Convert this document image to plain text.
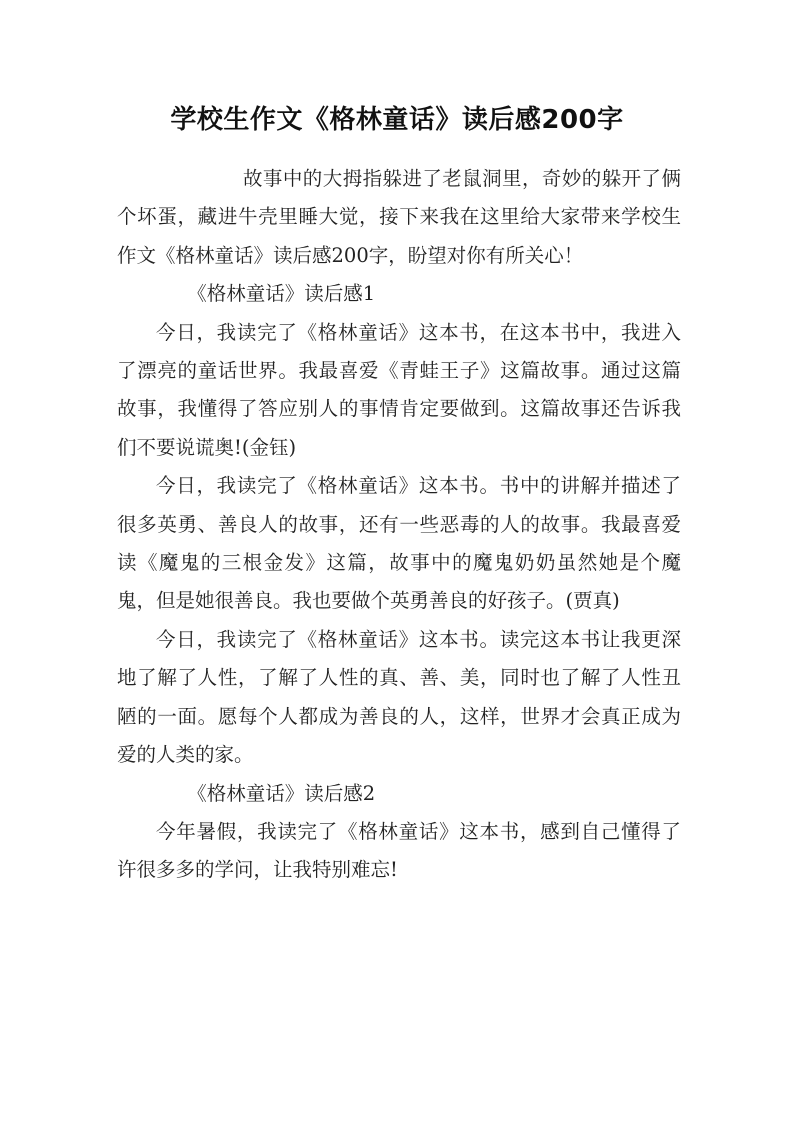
学校生作文《格林童话》读后感200字

故事中的大拇指躲进了老鼠洞里，奇妙的躲开了俩个坏蛋，藏进牛壳里睡大觉，接下来我在这里给大家带来学校生作文《格林童话》读后感200字，盼望对你有所关心！

《格林童话》读后感1

今日，我读完了《格林童话》这本书，在这本书中，我进入了漂亮的童话世界。我最喜爱《青蛙王子》这篇故事。通过这篇故事，我懂得了答应别人的事情肯定要做到。这篇故事还告诉我们不要说谎奥!(金钰)

今日，我读完了《格林童话》这本书。书中的讲解并描述了很多英勇、善良人的故事，还有一些恶毒的人的故事。我最喜爱读《魔鬼的三根金发》这篇，故事中的魔鬼奶奶虽然她是个魔鬼，但是她很善良。我也要做个英勇善良的好孩子。(贾真)

今日，我读完了《格林童话》这本书。读完这本书让我更深地了解了人性，了解了人性的真、善、美，同时也了解了人性丑陋的一面。愿每个人都成为善良的人，这样，世界才会真正成为爱的人类的家。

《格林童话》读后感2

今年暑假，我读完了《格林童话》这本书，感到自己懂得了许很多多的学问，让我特别难忘!
